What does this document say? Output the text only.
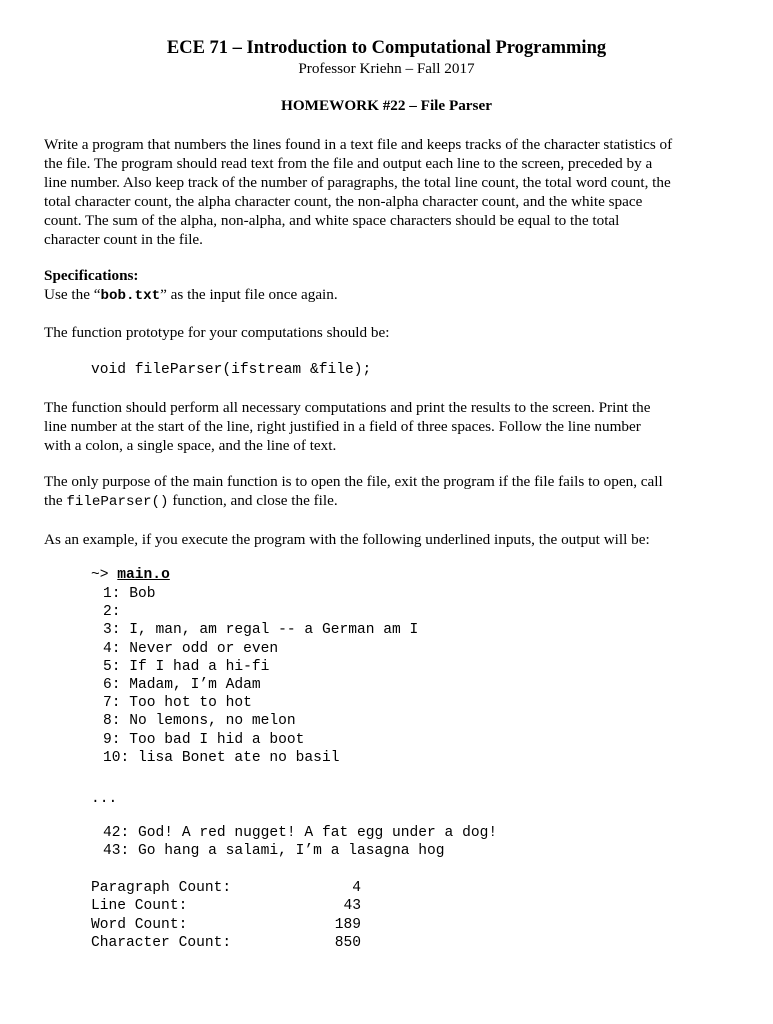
ECE 71 – Introduction to Computational Programming
Professor Kriehn – Fall 2017
HOMEWORK #22 – File Parser
Write a program that numbers the lines found in a text file and keeps tracks of the character statistics of
the file. The program should read text from the file and output each line to the screen, preceded by a
line number. Also keep track of the number of paragraphs, the total line count, the total word count, the
total character count, the alpha character count, the non-alpha character count, and the white space
count. The sum of the alpha, non-alpha, and white space characters should be equal to the total
character count in the file.
Specifications:
Use the “bob.txt” as the input file once again.
The function prototype for your computations should be:
void fileParser(ifstream &file);
The function should perform all necessary computations and print the results to the screen. Print the
line number at the start of the line, right justified in a field of three spaces. Follow the line number
with a colon, a single space, and the line of text.
The only purpose of the main function is to open the file, exit the program if the file fails to open, call
the fileParser() function, and close the file.
As an example, if you execute the program with the following underlined inputs, the output will be:
~> main.o
1: Bob
2:
3: I, man, am regal -- a German am I
4: Never odd or even
5: If I had a hi-fi
6: Madam, I’m Adam
7: Too hot to hot
8: No lemons, no melon
9: Too bad I hid a boot
10: lisa Bonet ate no basil
...
42: God! A red nugget! A fat egg under a dog!
43: Go hang a salami, I’m a lasagna hog
Paragraph Count:	4
Line Count:	43
Word Count:	189
Character Count:	850
